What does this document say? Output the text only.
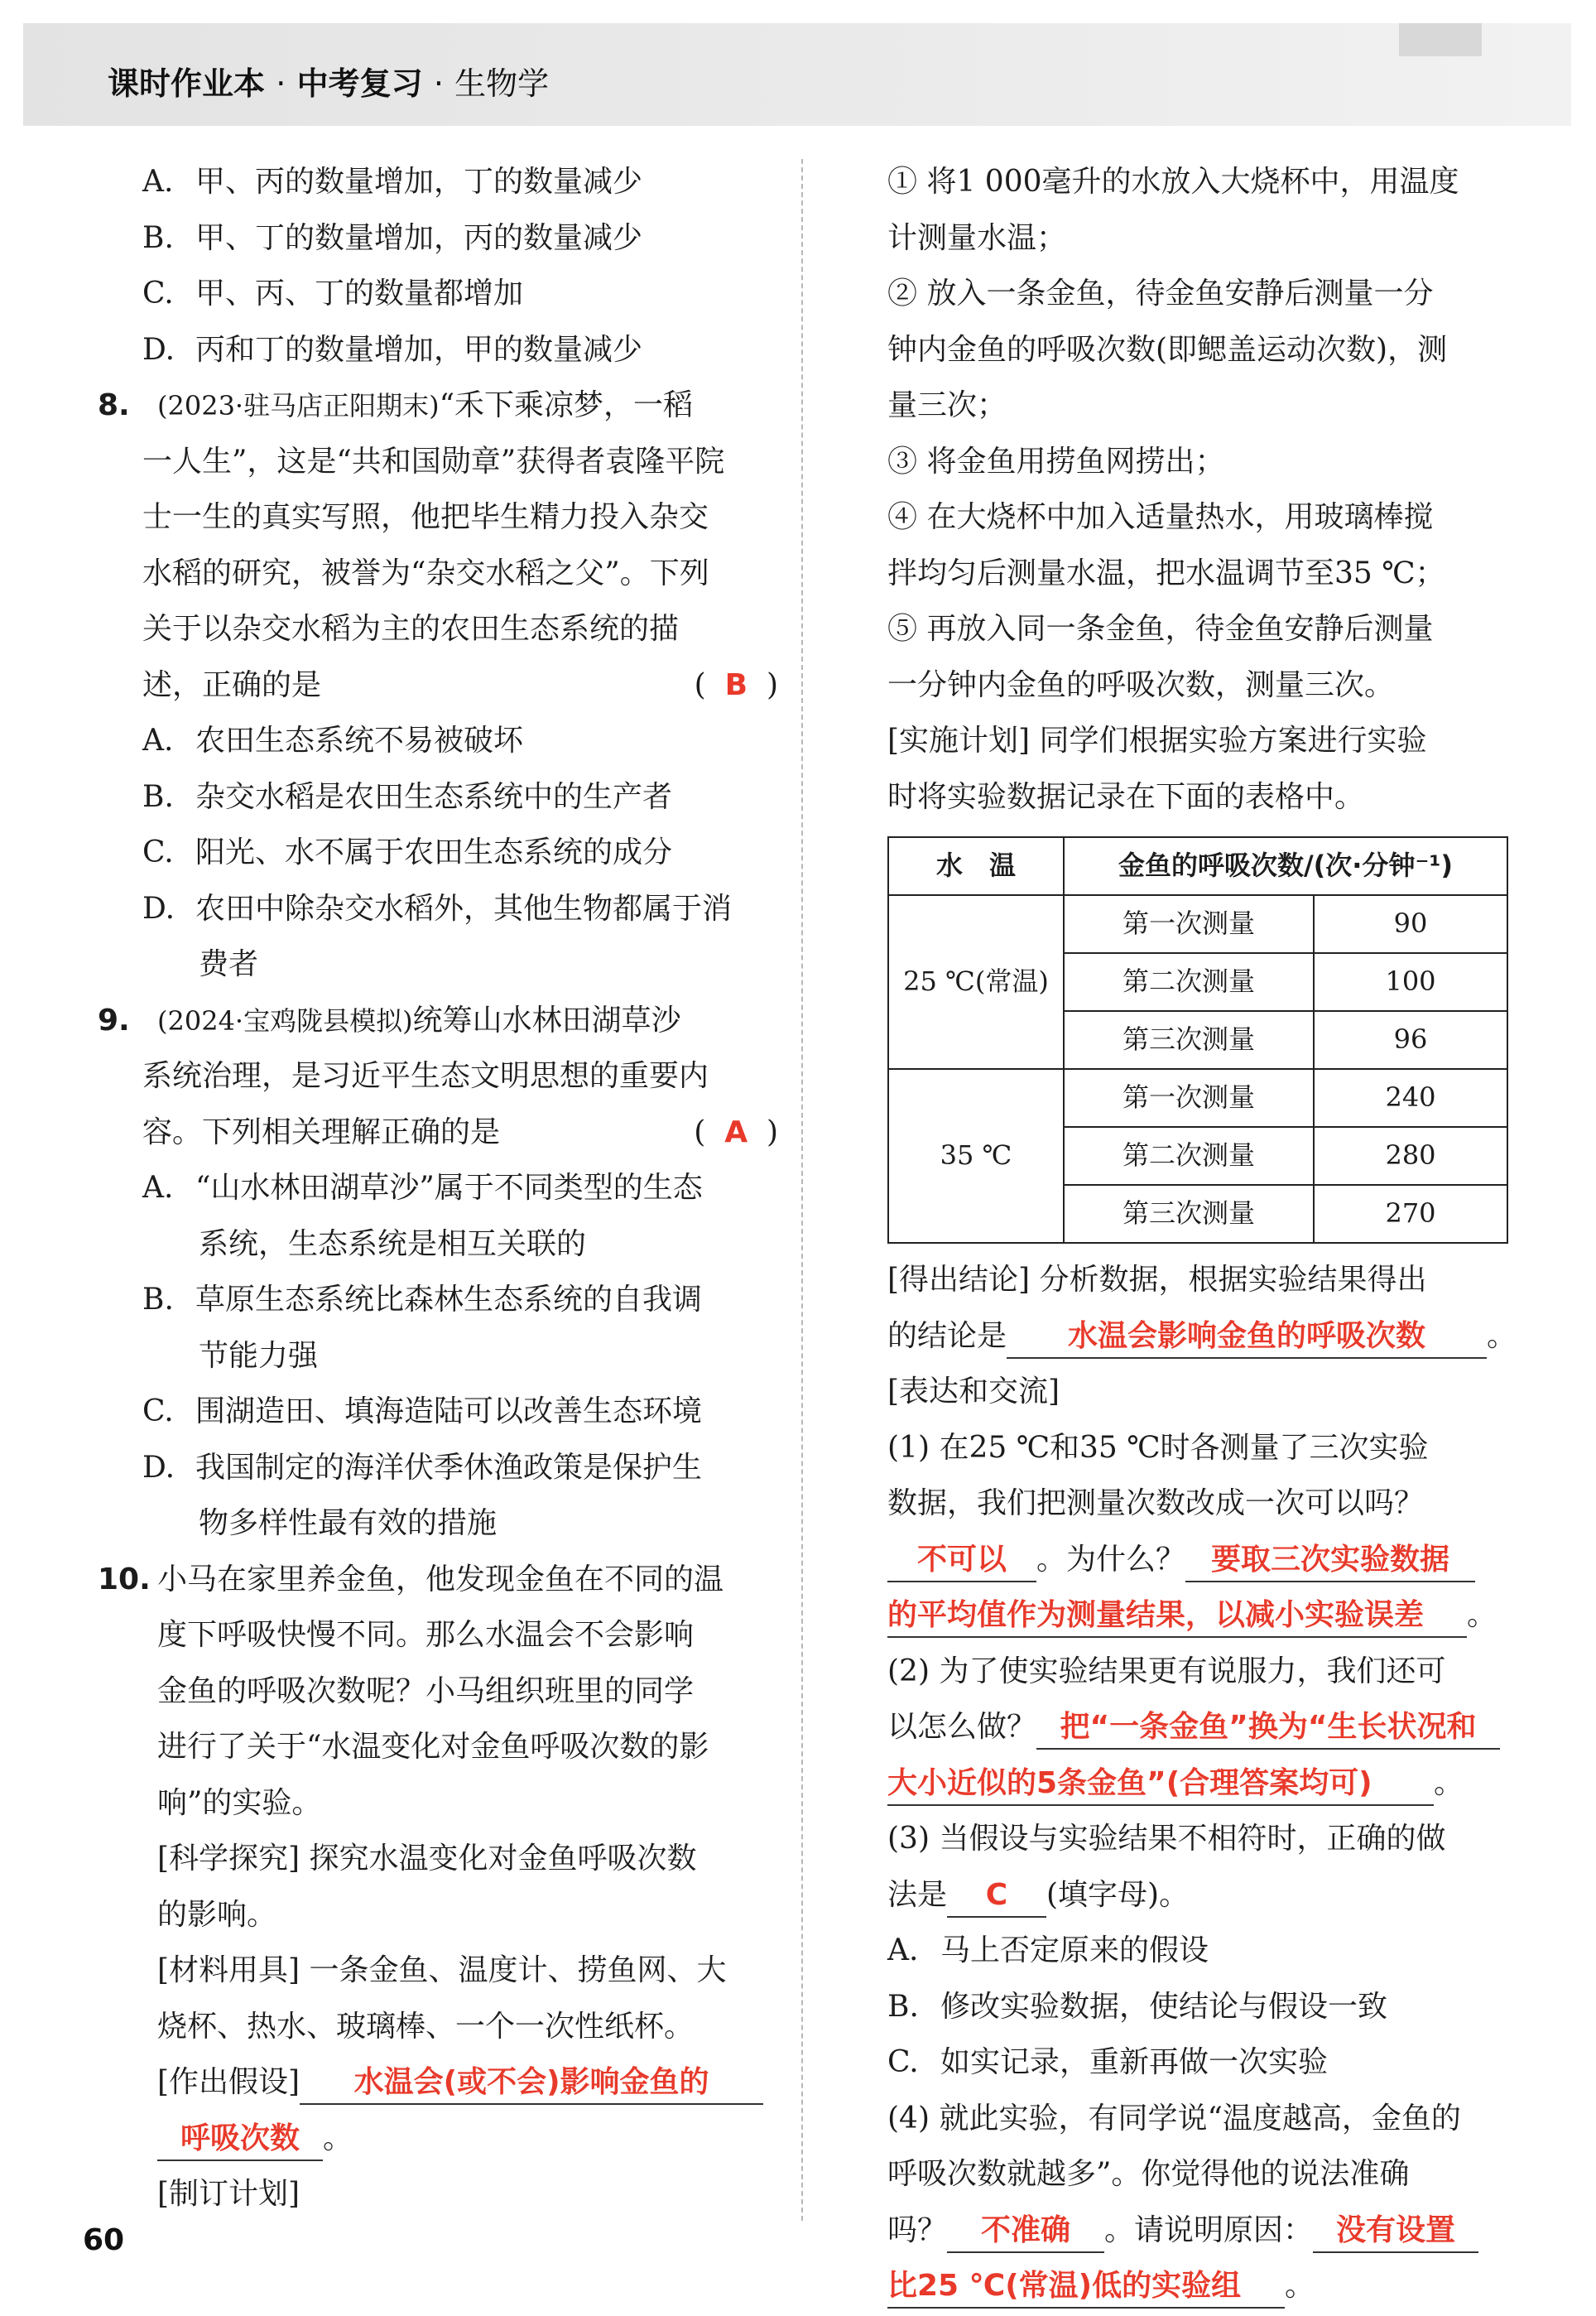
课时作业本 · 中考复习 · 生物学
A. 甲、丙的数量增加，丁的数量减少
B. 甲、丁的数量增加，丙的数量减少
C. 甲、丙、丁的数量都增加
D. 丙和丁的数量增加，甲的数量减少
8. (2023·驻马店正阳期末)“禾下乘凉梦，一稻
一人生”，这是“共和国勋章”获得者袁隆平院
士一生的真实写照，他把毕生精力投入杂交
水稻的研究，被誉为“杂交水稻之父”。下列
关于以杂交水稻为主的农田生态系统的描
述，正确的是	( B )
A. 农田生态系统不易被破坏
B. 杂交水稻是农田生态系统中的生产者
C. 阳光、水不属于农田生态系统的成分
D. 农田中除杂交水稻外，其他生物都属于消
费者
9. (2024·宝鸡陇县模拟)统筹山水林田湖草沙
系统治理，是习近平生态文明思想的重要内
容。下列相关理解正确的是	( A )
A. “山水林田湖草沙”属于不同类型的生态
系统，生态系统是相互关联的
B. 草原生态系统比森林生态系统的自我调
节能力强
C. 围湖造田、填海造陆可以改善生态环境
D. 我国制定的海洋伏季休渔政策是保护生
物多样性最有效的措施
10. 小马在家里养金鱼，他发现金鱼在不同的温
度下呼吸快慢不同。那么水温会不会影响
金鱼的呼吸次数呢？小马组织班里的同学
进行了关于“水温变化对金鱼呼吸次数的影
响”的实验。
[科学探究] 探究水温变化对金鱼呼吸次数
的影响。
[材料用具] 一条金鱼、温度计、捞鱼网、大
烧杯、热水、玻璃棒、一个一次性纸杯。
[作出假设] 水温会(或不会)影响金鱼的
呼吸次数 。
[制订计划]
① 将1 000毫升的水放入大烧杯中，用温度
计测量水温；
② 放入一条金鱼，待金鱼安静后测量一分
钟内金鱼的呼吸次数(即鳃盖运动次数)，测
量三次；
③ 将金鱼用捞鱼网捞出；
④ 在大烧杯中加入适量热水，用玻璃棒搅
拌均匀后测量水温，把水温调节至35 ℃；
⑤ 再放入同一条金鱼，待金鱼安静后测量
一分钟内金鱼的呼吸次数，测量三次。
[实施计划] 同学们根据实验方案进行实验
时将实验数据记录在下面的表格中。
水　温	金鱼的呼吸次数/(次·分钟⁻¹)	
25 ℃(常温)	第一次测量	90
	第二次测量	100
	第三次测量	96
35 ℃	第一次测量	240
	第二次测量	280
	第三次测量	270
[得出结论] 分析数据，根据实验结果得出
的结论是 水温会影响金鱼的呼吸次数 。
[表达和交流]
(1) 在25 ℃和35 ℃时各测量了三次实验
数据，我们把测量次数改成一次可以吗？
不可以 。为什么？ 要取三次实验数据
的平均值作为测量结果，以减小实验误差 。
(2) 为了使实验结果更有说服力，我们还可
以怎么做？ 把“一条金鱼”换为“生长状况和
大小近似的5条金鱼”(合理答案均可) 。
(3) 当假设与实验结果不相符时，正确的做
法是 C (填字母)。
A. 马上否定原来的假设
B. 修改实验数据，使结论与假设一致
C. 如实记录，重新再做一次实验
(4) 就此实验，有同学说“温度越高，金鱼的
呼吸次数就越多”。你觉得他的说法准确
吗？ 不准确 。请说明原因： 没有设置
比25 ℃(常温)低的实验组 。
60
